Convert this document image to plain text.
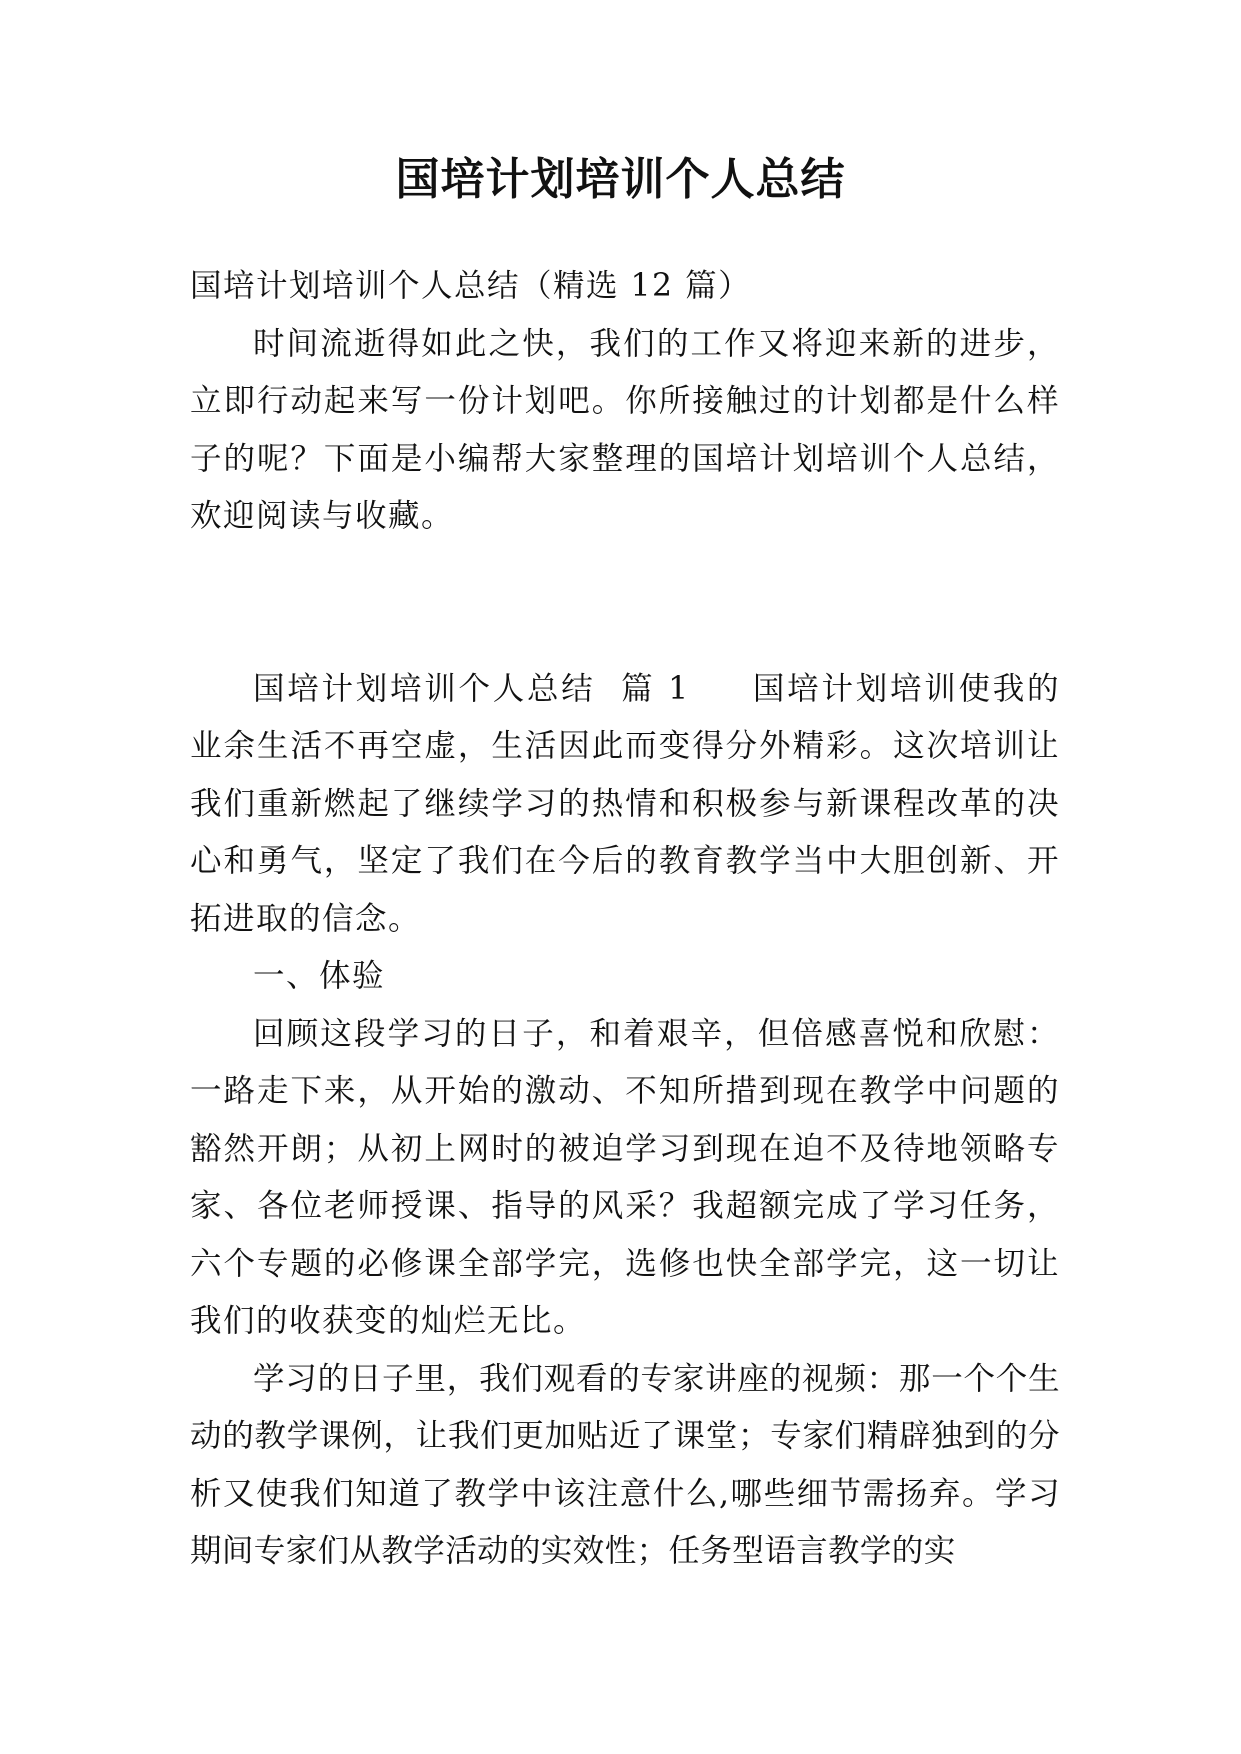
国培计划培训个人总结

国培计划培训个人总结（精选 12 篇）

时间流逝得如此之快，我们的工作又将迎来新的进步，立即行动起来写一份计划吧。你所接触过的计划都是什么样子的呢？下面是小编帮大家整理的国培计划培训个人总结，欢迎阅读与收藏。

国培计划培训个人总结  篇 1 国培计划培训使我的业余生活不再空虚，生活因此而变得分外精彩。这次培训让我们重新燃起了继续学习的热情和积极参与新课程改革的决心和勇气，坚定了我们在今后的教育教学当中大胆创新、开拓进取的信念。

一、体验

回顾这段学习的日子，和着艰辛，但倍感喜悦和欣慰：一路走下来，从开始的激动、不知所措到现在教学中问题的豁然开朗；从初上网时的被迫学习到现在迫不及待地领略专家、各位老师授课、指导的风采？我超额完成了学习任务，六个专题的必修课全部学完，选修也快全部学完，这一切让我们的收获变的灿烂无比。

学习的日子里，我们观看的专家讲座的视频：那一个个生动的教学课例，让我们更加贴近了课堂；专家们精辟独到的分析又使我们知道了教学中该注意什么,哪些细节需扬弃。学习期间专家们从教学活动的实效性；任务型语言教学的实
